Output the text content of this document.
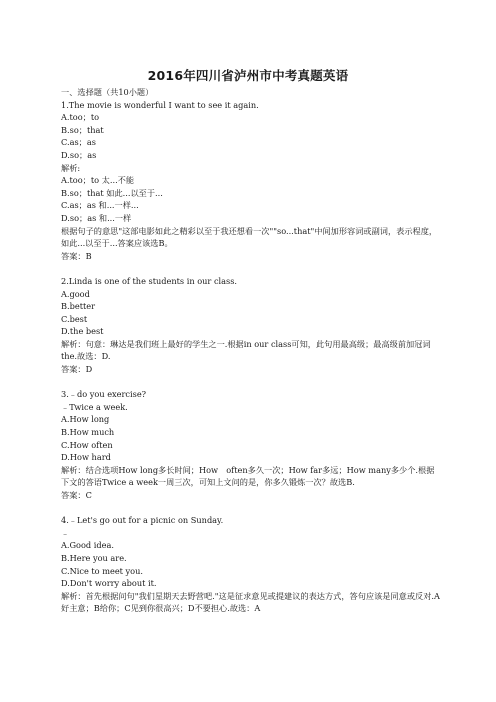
2016年四川省泸州市中考真题英语
一、选择题（共10小题）
1.The movie is wonderful I want to see it again.
A.too；to
B.so；that
C.as；as
D.so；as
解析:
A.too；to 太...不能
B.so；that 如此...以至于...
C.as；as 和...一样...
D.so；as 和...一样
根据句子的意思"这部电影如此之精彩以至于我还想看一次""so...that"中间加形容词或副词，表示程度，如此...以至于...答案应该选B。
答案：B
2.Linda is one of the students in our class.
A.good
B.better
C.best
D.the best
解析：句意：琳达是我们班上最好的学生之一.根据in our class可知，此句用最高级；最高级前加冠词the.故选：D.
答案：D
3.﹣do you exercise?
﹣Twice a week.
A.How long
B.How much
C.How often
D.How hard
解析：结合选项How long多长时间；How　often多久一次；How far多远；How many多少个.根据下文的答语Twice a week一周三次，可知上文问的是，你多久锻炼一次？故选B.
答案：C
4.﹣Let's go out for a picnic on Sunday.
﹣
A.Good idea.
B.Here you are.
C.Nice to meet you.
D.Don't worry about it.
解析：首先根据问句"我们星期天去野营吧."这是征求意见或提建议的表达方式，答句应该是同意或反对.A好主意；B给你；C见到你很高兴；D不要担心.故选：A
